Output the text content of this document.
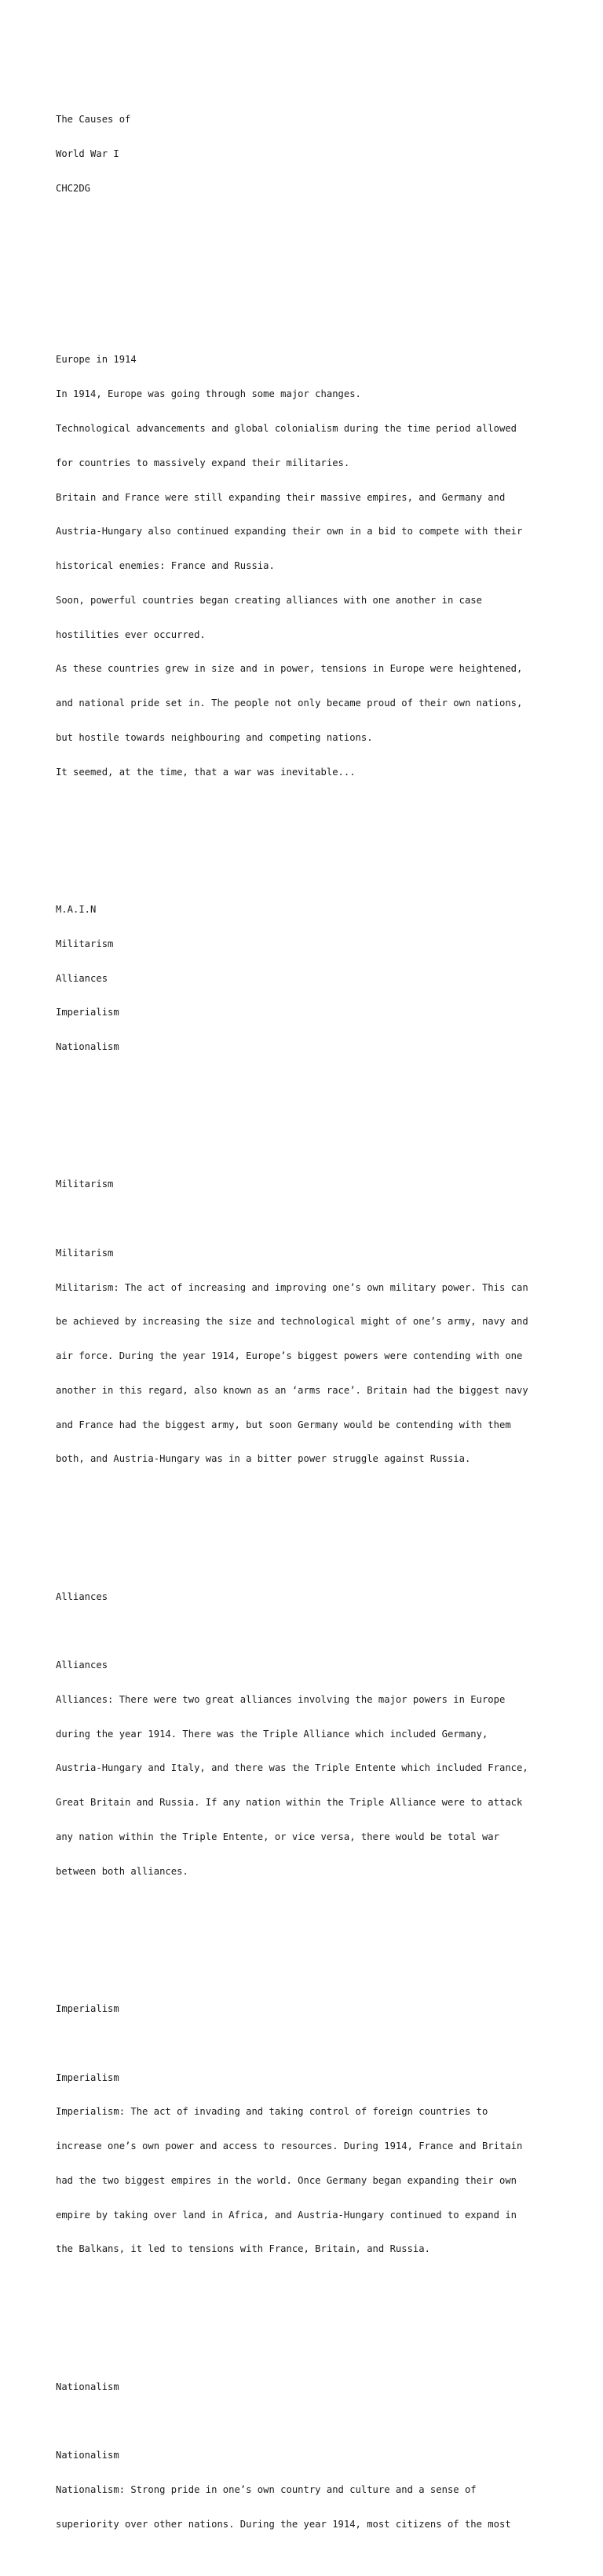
The Causes of

World War I

CHC2DG

Europe in 1914

In 1914, Europe was going through some major changes.

Technological advancements and global colonialism during the time period allowed

for countries to massively expand their militaries.

Britain and France were still expanding their massive empires, and Germany and

Austria-Hungary also continued expanding their own in a bid to compete with their

historical enemies: France and Russia.

Soon, powerful countries began creating alliances with one another in case

hostilities ever occurred.

As these countries grew in size and in power, tensions in Europe were heightened,

and national pride set in. The people not only became proud of their own nations,

but hostile towards neighbouring and competing nations.

It seemed, at the time, that a war was inevitable...

M.A.I.N

Militarism

Alliances

Imperialism

Nationalism

Militarism

Militarism

Militarism: The act of increasing and improving one’s own military power. This can

be achieved by increasing the size and technological might of one’s army, navy and

air force. During the year 1914, Europe’s biggest powers were contending with one

another in this regard, also known as an ‘arms race’. Britain had the biggest navy

and France had the biggest army, but soon Germany would be contending with them

both, and Austria-Hungary was in a bitter power struggle against Russia.

Alliances

Alliances

Alliances: There were two great alliances involving the major powers in Europe

during the year 1914. There was the Triple Alliance which included Germany,

Austria-Hungary and Italy, and there was the Triple Entente which included France,

Great Britain and Russia. If any nation within the Triple Alliance were to attack

any nation within the Triple Entente, or vice versa, there would be total war

between both alliances.

Imperialism

Imperialism

Imperialism: The act of invading and taking control of foreign countries to

increase one’s own power and access to resources. During 1914, France and Britain

had the two biggest empires in the world. Once Germany began expanding their own

empire by taking over land in Africa, and Austria-Hungary continued to expand in

the Balkans, it led to tensions with France, Britain, and Russia.

Nationalism

Nationalism

Nationalism: Strong pride in one’s own country and culture and a sense of

superiority over other nations. During the year 1914, most citizens of the most
